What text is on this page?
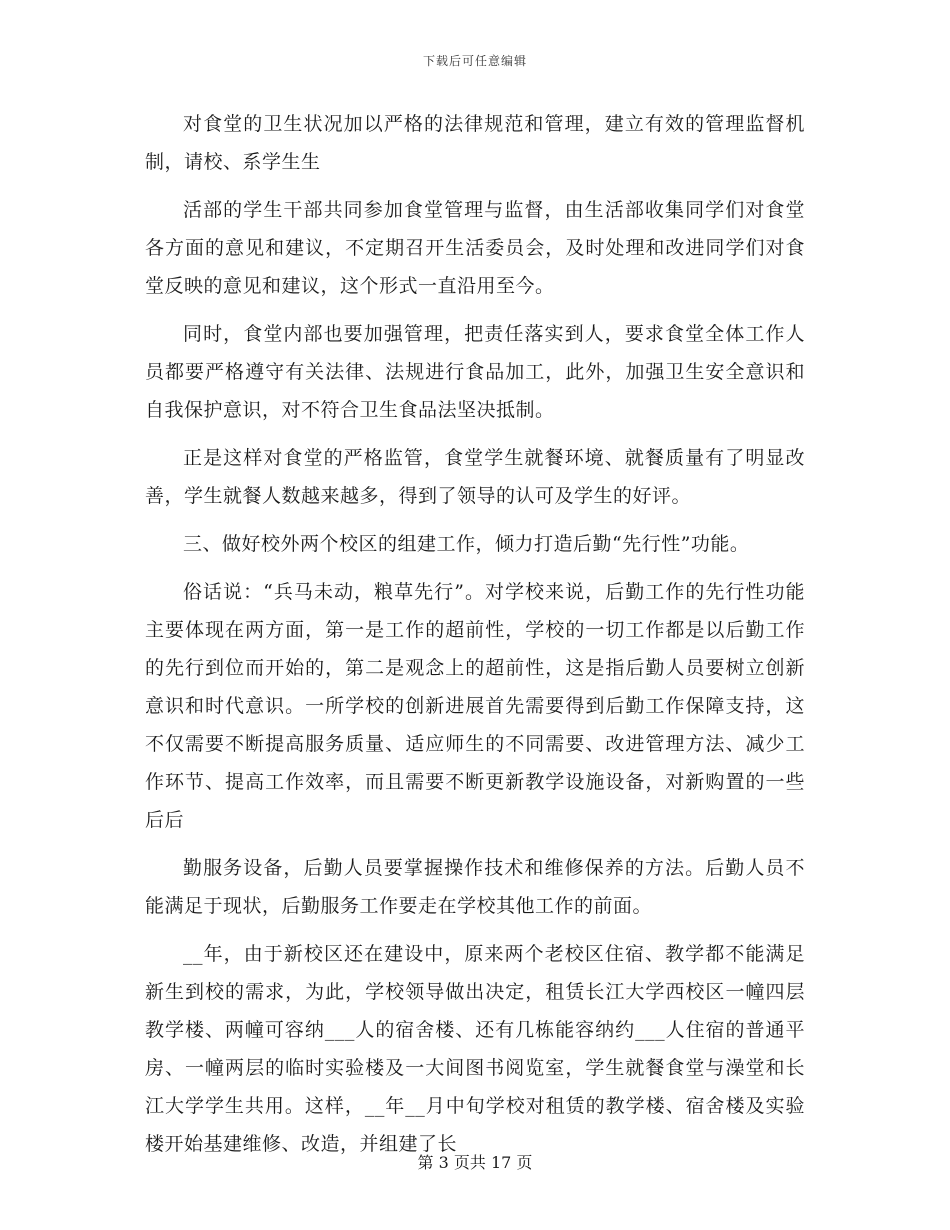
下载后可任意编辑

对食堂的卫生状况加以严格的法律规范和管理，建立有效的管理监督机制，请校、系学生生

活部的学生干部共同参加食堂管理与监督，由生活部收集同学们对食堂各方面的意见和建议，不定期召开生活委员会，及时处理和改进同学们对食堂反映的意见和建议，这个形式一直沿用至今。

同时，食堂内部也要加强管理，把责任落实到人，要求食堂全体工作人员都要严格遵守有关法律、法规进行食品加工，此外，加强卫生安全意识和自我保护意识，对不符合卫生食品法坚决抵制。

正是这样对食堂的严格监管，食堂学生就餐环境、就餐质量有了明显改善，学生就餐人数越来越多，得到了领导的认可及学生的好评。

三、做好校外两个校区的组建工作，倾力打造后勤“先行性”功能。

俗话说：“兵马未动，粮草先行”。对学校来说，后勤工作的先行性功能主要体现在两方面，第一是工作的超前性，学校的一切工作都是以后勤工作的先行到位而开始的，第二是观念上的超前性，这是指后勤人员要树立创新意识和时代意识。一所学校的创新进展首先需要得到后勤工作保障支持，这不仅需要不断提高服务质量、适应师生的不同需要、改进管理方法、减少工作环节、提高工作效率，而且需要不断更新教学设施设备，对新购置的一些后后

勤服务设备，后勤人员要掌握操作技术和维修保养的方法。后勤人员不能满足于现状，后勤服务工作要走在学校其他工作的前面。

__年，由于新校区还在建设中，原来两个老校区住宿、教学都不能满足新生到校的需求，为此，学校领导做出决定，租赁长江大学西校区一幢四层教学楼、两幢可容纳___人的宿舍楼、还有几栋能容纳约___人住宿的普通平房、一幢两层的临时实验楼及一大间图书阅览室，学生就餐食堂与澡堂和长江大学学生共用。这样，__年__月中旬学校对租赁的教学楼、宿舍楼及实验楼开始基建维修、改造，并组建了长

第 3 页共 17 页
